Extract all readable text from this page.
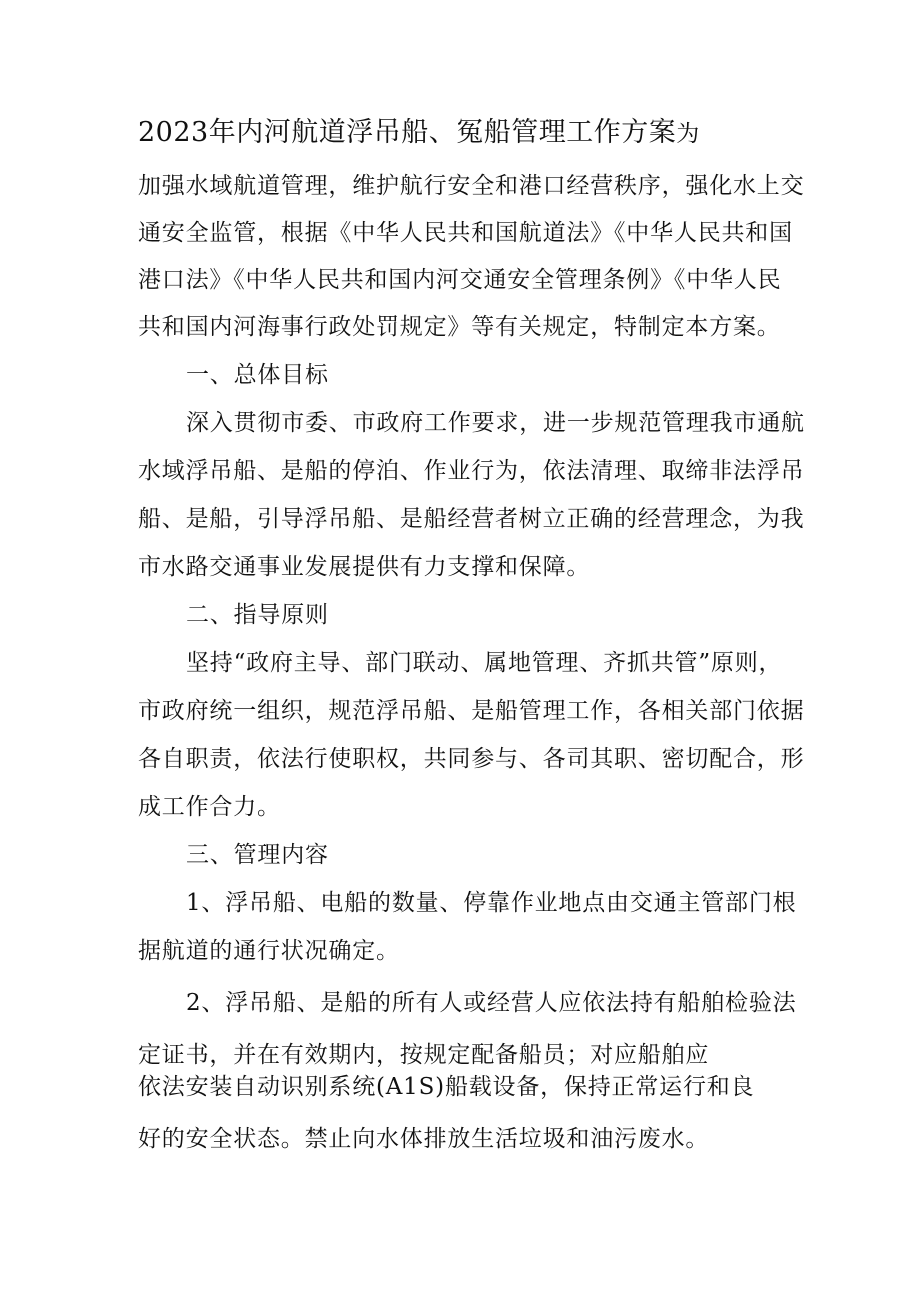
2023年内河航道浮吊船、冤船管理工作方案为
加强水域航道管理，维护航行安全和港口经营秩序，强化水上交
通安全监管，根据《中华人民共和国航道法》《中华人民共和国
港口法》《中华人民共和国内河交通安全管理条例》《中华人民
共和国内河海事行政处罚规定》等有关规定，特制定本方案。
一、总体目标
深入贯彻市委、市政府工作要求，进一步规范管理我市通航
水域浮吊船、是船的停泊、作业行为，依法清理、取缔非法浮吊
船、是船，引导浮吊船、是船经营者树立正确的经营理念，为我
市水路交通事业发展提供有力支撑和保障。
二、指导原则
坚持“政府主导、部门联动、属地管理、齐抓共管”原则，
市政府统一组织，规范浮吊船、是船管理工作，各相关部门依据
各自职责，依法行使职权，共同参与、各司其职、密切配合，形
成工作合力。
三、管理内容
1、浮吊船、电船的数量、停靠作业地点由交通主管部门根
据航道的通行状况确定。
2、浮吊船、是船的所有人或经营人应依法持有船舶检验法
定证书，并在有效期内，按规定配备船员；对应船舶应
依法安装自动识别系统(A1S)船载设备，保持正常运行和良
好的安全状态。禁止向水体排放生活垃圾和油污废水。
